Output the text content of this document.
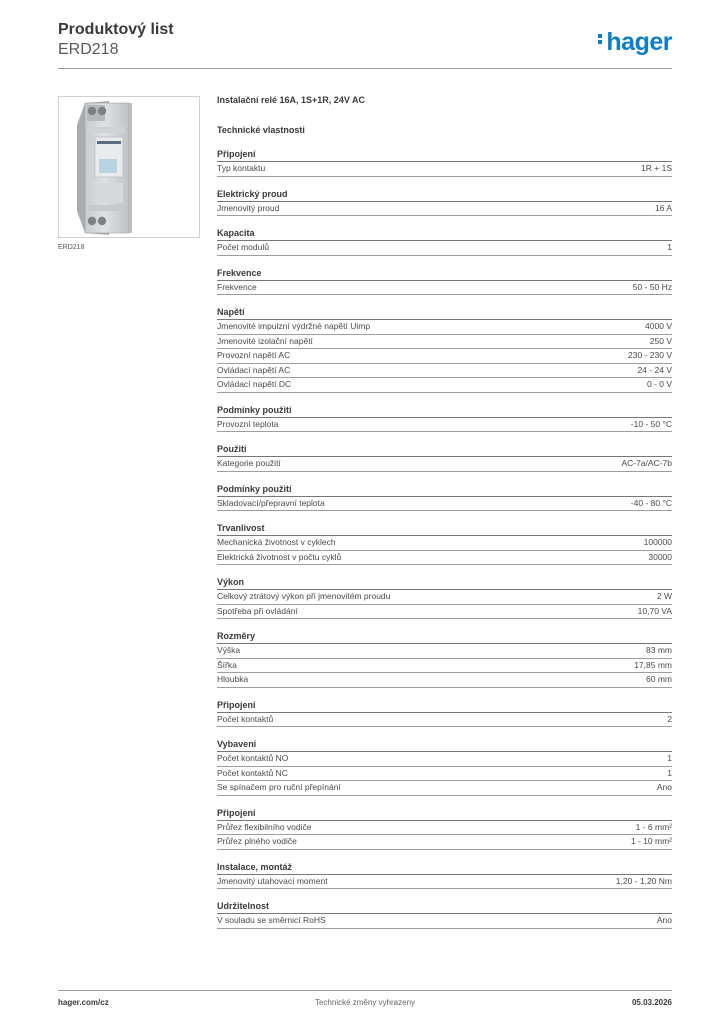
Produktový list
ERD218	hager
ERD218
Instalační relé 16A, 1S+1R, 24V AC
Technické vlastnosti
Připojení
Typ kontaktu	1R + 1S
Elektrický proud
Jmenovitý proud	16 A
Kapacita
Počet modulů	1
Frekvence
Frekvence	50 - 50 Hz
Napětí
Jmenovité impulzní výdržné napětí Uimp	4000 V
Jmenovité izolační napětí	250 V
Provozní napětí AC	230 - 230 V
Ovládací napětí AC	24 - 24 V
Ovládací napětí DC	0 - 0 V
Podmínky použití
Provozní teplota	-10 - 50 °C
Použití
Kategorie použití	AC-7a/AC-7b
Podmínky použití
Skladovací/přepravní teplota	-40 - 80 °C
Trvanlivost
Mechanická životnost v cyklech	100000
Elektrická životnost v počtu cyklů	30000
Výkon
Celkový ztrátový výkon při jmenovitém proudu	2 W
Spotřeba při ovládání	10,70 VA
Rozměry
Výška	83 mm
Šířka	17,85 mm
Hloubka	60 mm
Připojení
Počet kontaktů	2
Vybavení
Počet kontaktů NO	1
Počet kontaktů NC	1
Se spínačem pro ruční přepínání	Ano
Připojení
Průřez flexibilního vodiče	1 - 6 mm²
Průřez plného vodiče	1 - 10 mm²
Instalace, montáž
Jmenovitý utahovací moment	1,20 - 1,20 Nm
Udržitelnost
V souladu se směrnicí RoHS	Ano
hager.com/cz	Technické změny vyhrazeny	05.03.2026
